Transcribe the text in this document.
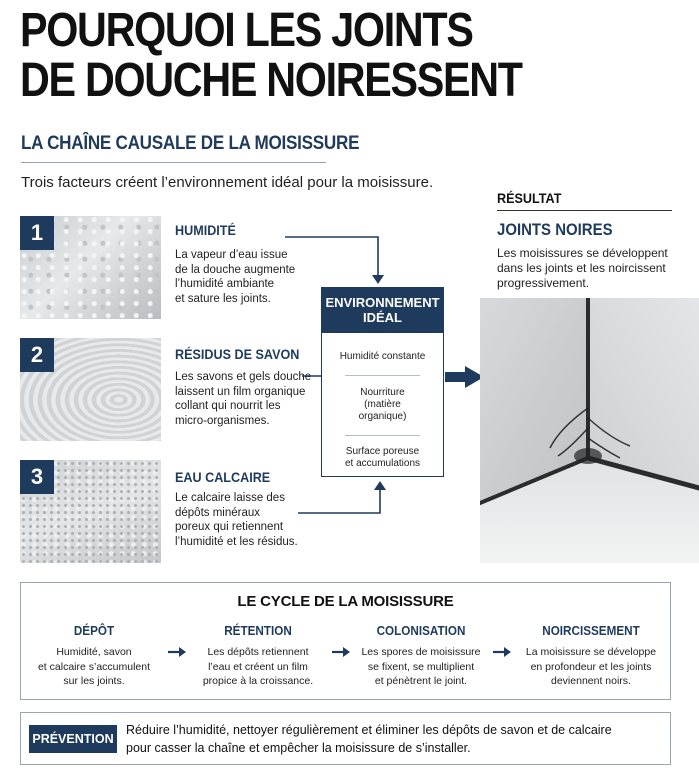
POURQUOI LES JOINTS
DE DOUCHE NOIRESSENT
LA CHAÎNE CAUSALE DE LA MOISISSURE
Trois facteurs créent l’environnement idéal pour la moisissure.
1	HUMIDITÉ
La vapeur d’eau issue
de la douche augmente
l’humidité ambiante
et sature les joints.
2	RÉSIDUS DE SAVON
Les savons et gels douche
laissent un film organique
collant qui nourrit les
micro-organismes.
3	EAU CALCAIRE
Le calcaire laisse des
dépôts minéraux
poreux qui retiennent
l’humidité et les résidus.
ENVIRONNEMENT
IDÉAL
Humidité constante
Nourriture
(matière
organique)
Surface poreuse
et accumulations
RÉSULTAT
JOINTS NOIRES
Les moisissures se développent
dans les joints et les noircissent
progressivement.
LE CYCLE DE LA MOISISSURE
DÉPÔT
Humidité, savon
et calcaire s’accumulent
sur les joints.
RÉTENTION
Les dépôts retiennent
l’eau et créent un film
propice à la croissance.
COLONISATION
Les spores de moisissure
se fixent, se multiplient
et pénètrent le joint.
NOIRCISSEMENT
La moisissure se développe
en profondeur et les joints
deviennent noirs.
PRÉVENTION
Réduire l’humidité, nettoyer régulièrement et éliminer les dépôts de savon et de calcaire
pour casser la chaîne et empêcher la moisissure de s’installer.
